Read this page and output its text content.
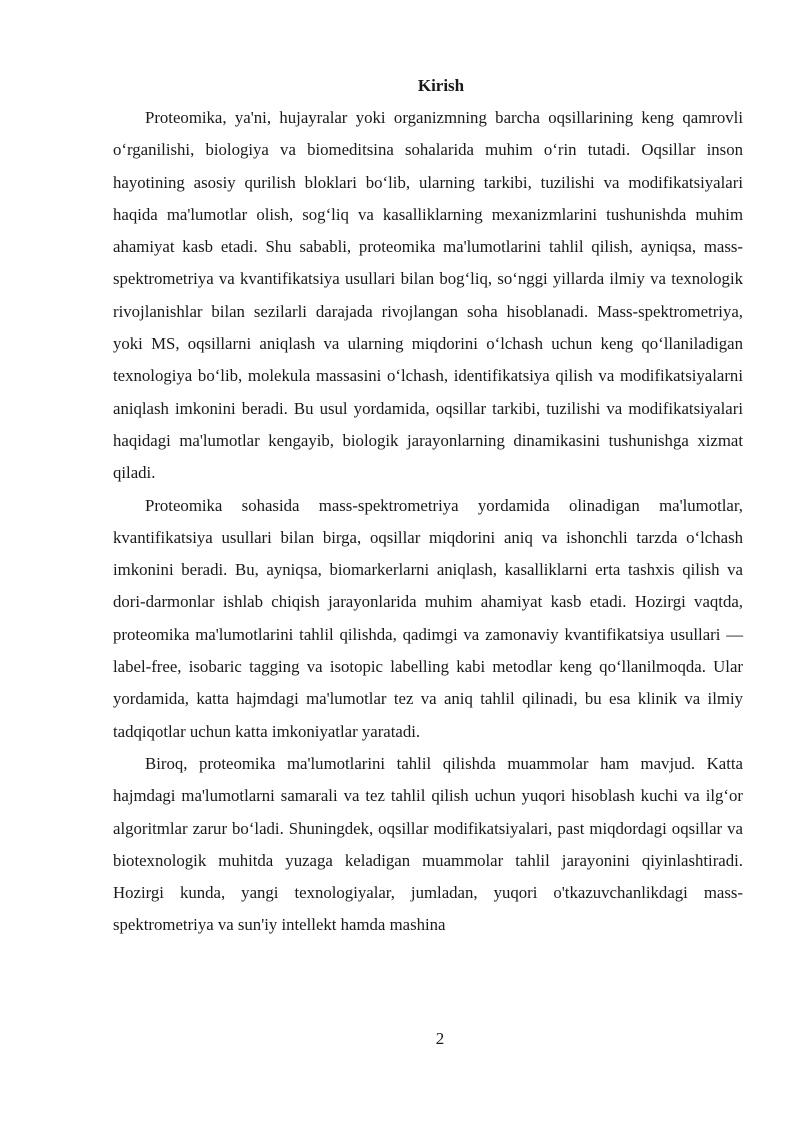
Kirish

Proteomika, ya'ni, hujayralar yoki organizmning barcha oqsillarining keng qamrovli o‘rganilishi, biologiya va biomeditsina sohalarida muhim o‘rin tutadi. Oqsillar inson hayotining asosiy qurilish bloklari bo‘lib, ularning tarkibi, tuzilishi va modifikatsiyalari haqida ma'lumotlar olish, sog‘liq va kasalliklarning mexanizmlarini tushunishda muhim ahamiyat kasb etadi. Shu sababli, proteomika ma'lumotlarini tahlil qilish, ayniqsa, mass-spektrometriya va kvantifikatsiya usullari bilan bog‘liq, so‘nggi yillarda ilmiy va texnologik rivojlanishlar bilan sezilarli darajada rivojlangan soha hisoblanadi. Mass-spektrometriya, yoki MS, oqsillarni aniqlash va ularning miqdorini o‘lchash uchun keng qo‘llaniladigan texnologiya bo‘lib, molekula massasini o‘lchash, identifikatsiya qilish va modifikatsiyalarni aniqlash imkonini beradi. Bu usul yordamida, oqsillar tarkibi, tuzilishi va modifikatsiyalari haqidagi ma'lumotlar kengayib, biologik jarayonlarning dinamikasini tushunishga xizmat qiladi.

Proteomika sohasida mass-spektrometriya yordamida olinadigan ma'lumotlar, kvantifikatsiya usullari bilan birga, oqsillar miqdorini aniq va ishonchli tarzda o‘lchash imkonini beradi. Bu, ayniqsa, biomarkerlarni aniqlash, kasalliklarni erta tashxis qilish va dori-darmonlar ishlab chiqish jarayonlarida muhim ahamiyat kasb etadi. Hozirgi vaqtda, proteomika ma'lumotlarini tahlil qilishda, qadimgi va zamonaviy kvantifikatsiya usullari — label-free, isobaric tagging va isotopic labelling kabi metodlar keng qo‘llanilmoqda. Ular yordamida, katta hajmdagi ma'lumotlar tez va aniq tahlil qilinadi, bu esa klinik va ilmiy tadqiqotlar uchun katta imkoniyatlar yaratadi.

Biroq, proteomika ma'lumotlarini tahlil qilishda muammolar ham mavjud. Katta hajmdagi ma'lumotlarni samarali va tez tahlil qilish uchun yuqori hisoblash kuchi va ilg‘or algoritmlar zarur bo‘ladi. Shuningdek, oqsillar modifikatsiyalari, past miqdordagi oqsillar va biotexnologik muhitda yuzaga keladigan muammolar tahlil jarayonini qiyinlashtiradi. Hozirgi kunda, yangi texnologiyalar, jumladan, yuqori o'tkazuvchanlikdagi mass-spektrometriya va sun'iy intellekt hamda mashina

2
